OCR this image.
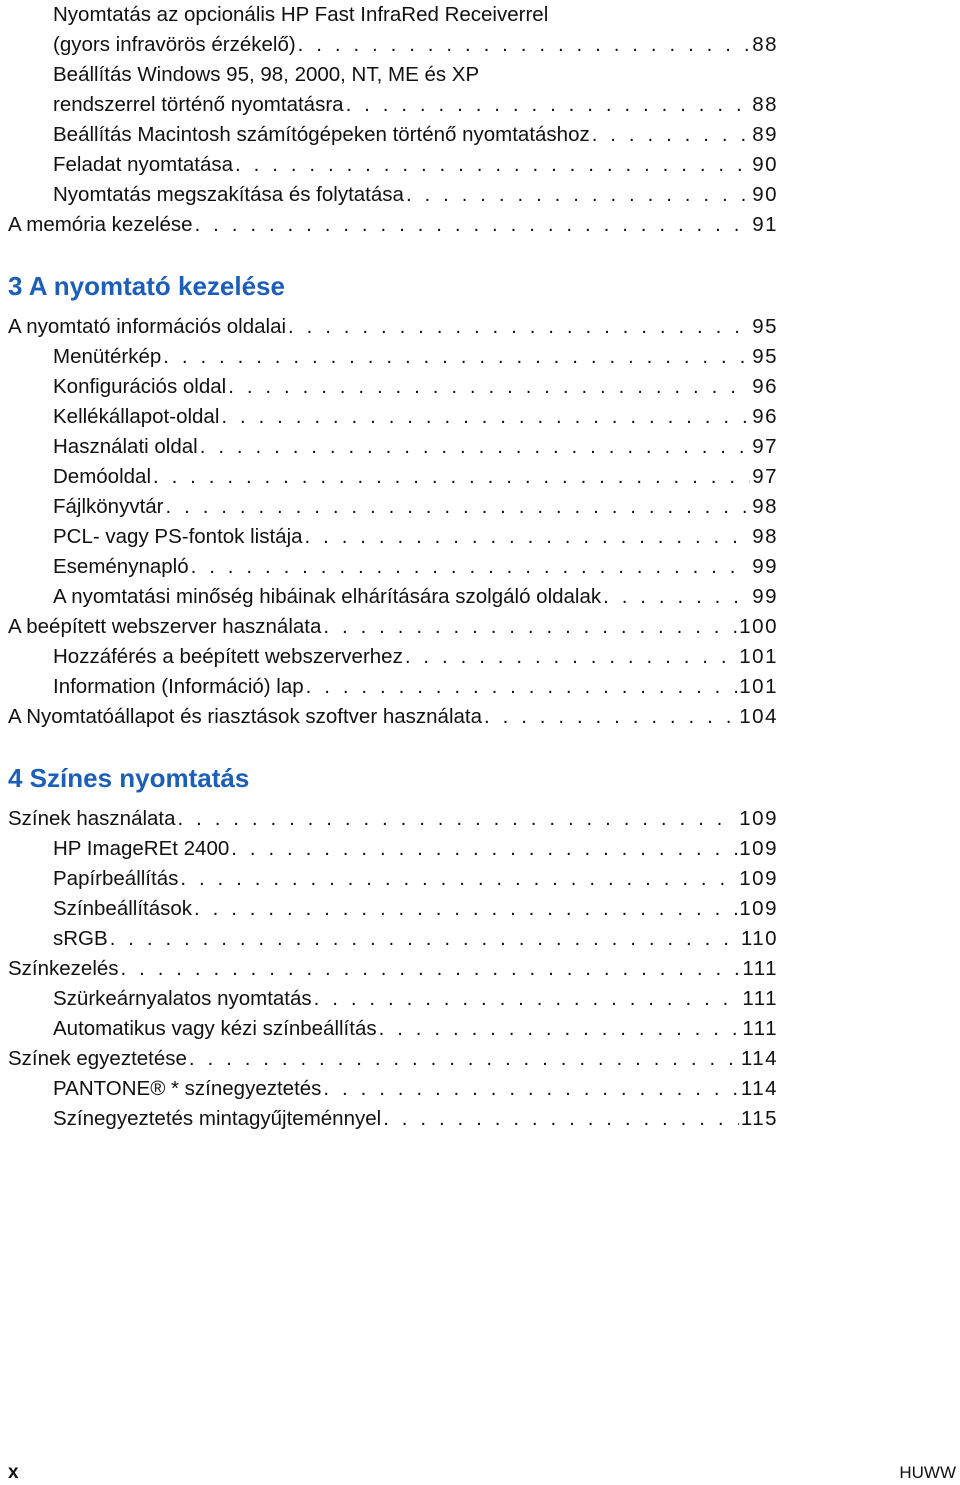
Nyomtatás az opcionális HP Fast InfraRed Receiverrel
(gyors infravörös érzékelő) . . .	88
Beállítás Windows 95, 98, 2000, NT, ME és XP
rendszerrel történő nyomtatásra . . .	88
Beállítás Macintosh számítógépeken történő nyomtatáshoz . . .	89
Feladat nyomtatása . . .	90
Nyomtatás megszakítása és folytatása . . .	90
A memória kezelése . . .	91
3 A nyomtató kezelése
A nyomtató információs oldalai . . .	95
Menütérkép . . .	95
Konfigurációs oldal . . .	96
Kellékállapot-oldal . . .	96
Használati oldal . . .	97
Demóoldal . . .	97
Fájlkönyvtár . . .	98
PCL- vagy PS-fontok listája . . .	98
Eseménynapló . . .	99
A nyomtatási minőség hibáinak elhárítására szolgáló oldalak . . .	99
A beépített webszerver használata . . .	100
Hozzáférés a beépített webszerverhez . . .	101
Information (Információ) lap . . .	101
A Nyomtatóállapot és riasztások szoftver használata . . .	104
4 Színes nyomtatás
Színek használata . . .	109
HP ImageREt 2400 . . .	109
Papírbeállítás . . .	109
Színbeállítások . . .	109
sRGB . . .	110
Színkezelés . . .	111
Szürkeárnyalatos nyomtatás . . .	111
Automatikus vagy kézi színbeállítás . . .	111
Színek egyeztetése . . .	114
PANTONE® * színegyeztetés . . .	114
Színegyeztetés mintagyűjteménnyel . . .	115
x	HUWW
